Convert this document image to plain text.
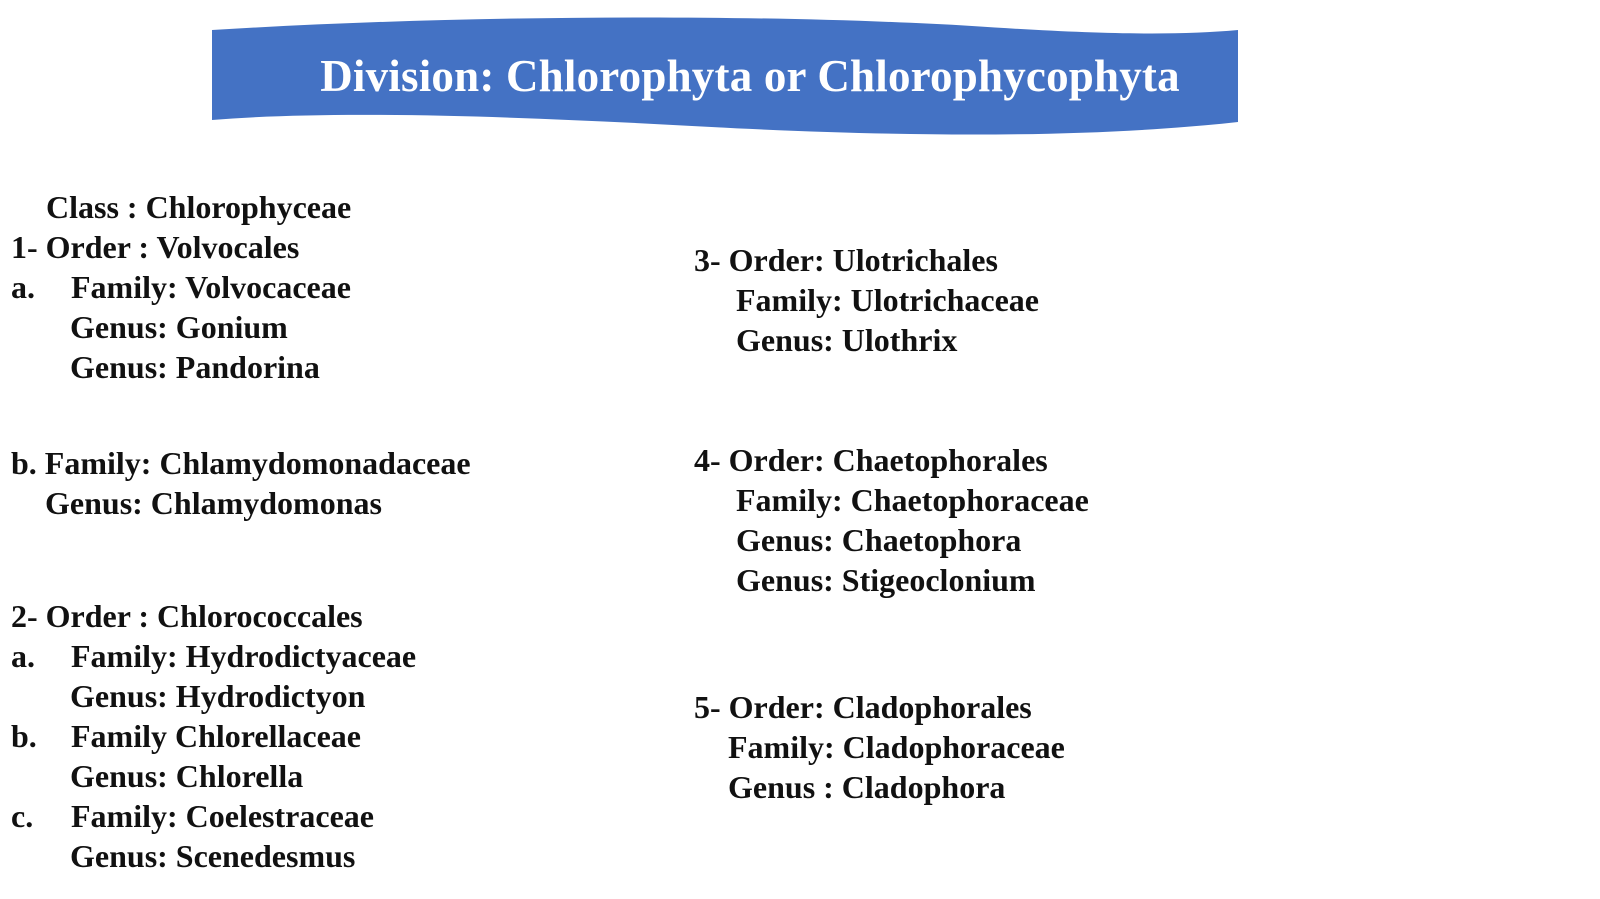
Division: Chlorophyta or Chlorophycophyta
Class : Chlorophyceae
1- Order : Volvocales
a. Family: Volvocaceae
Genus: Gonium
Genus: Pandorina
b. Family: Chlamydomonadaceae
Genus: Chlamydomonas
2- Order : Chlorococcales
a. Family: Hydrodictyaceae
Genus: Hydrodictyon
b. Family Chlorellaceae
Genus: Chlorella
c. Family: Coelestraceae
Genus: Scenedesmus
3- Order: Ulotrichales
Family: Ulotrichaceae
Genus: Ulothrix
4- Order: Chaetophorales
Family: Chaetophoraceae
Genus: Chaetophora
Genus: Stigeoclonium
5- Order: Cladophorales
Family: Cladophoraceae
Genus : Cladophora
